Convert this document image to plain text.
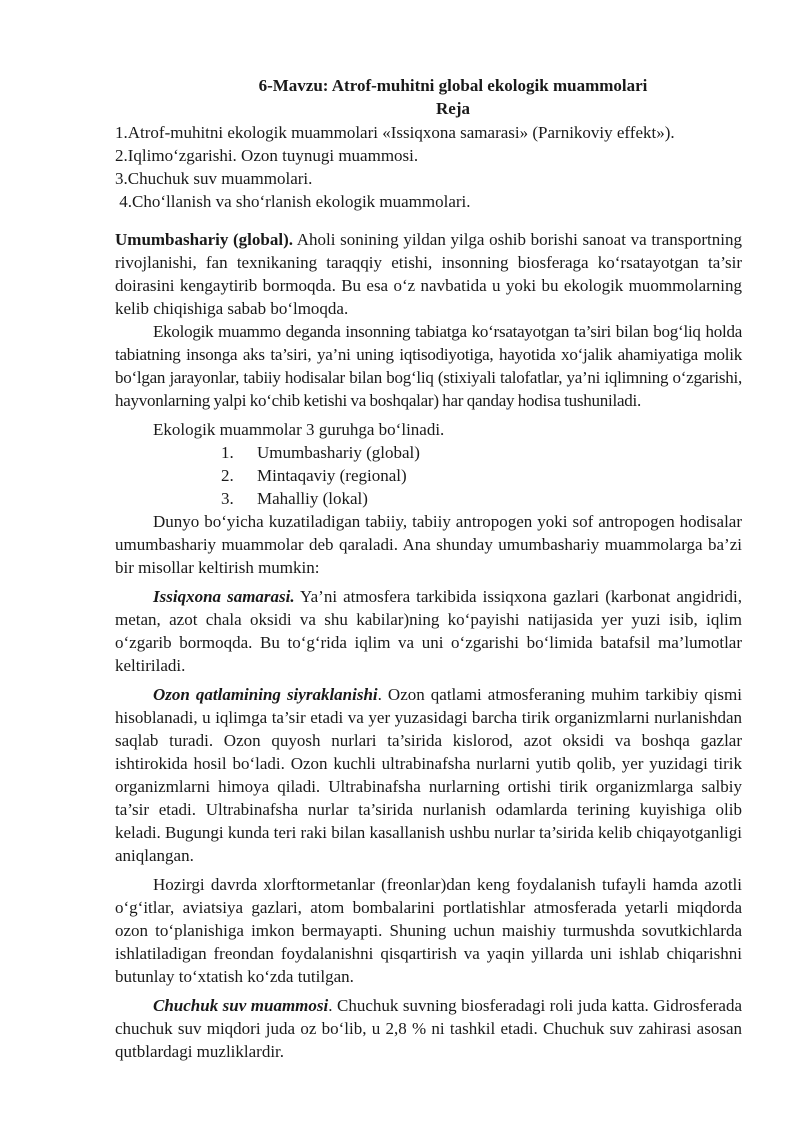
6-Mavzu: Atrof-muhitni global ekologik muammolari

Reja

1.Atrof-muhitni ekologik muammolari «Issiqxona samarasi» (Parnikoviy effekt»).
2.Iqlimo‘zgarishi. Ozon tuynugi muammosi.
3.Chuchuk suv muammolari.
4.Cho‘llanish va sho‘rlanish ekologik muammolari.

Umumbashariy (global). Aholi sonining yildan yilga oshib borishi sanoat va transportning rivojlanishi, fan texnikaning taraqqiy etishi, insonning biosferaga ko‘rsatayotgan ta’sir doirasini kengaytirib bormoqda. Bu esa o‘z navbatida u yoki bu ekologik muommolarning kelib chiqishiga sabab bo‘lmoqda.

Ekologik muammo deganda insonning tabiatga ko‘rsatayotgan ta’siri bilan bog‘liq holda tabiatning insonga aks ta’siri, ya’ni uning iqtisodiyotiga, hayotida xo‘jalik ahamiyatiga molik bo‘lgan jarayonlar, tabiiy hodisalar bilan bog‘liq (stixiyali talofatlar, ya’ni iqlimning o‘zgarishi, hayvonlarning yalpi ko‘chib ketishi va boshqalar) har qanday hodisa tushuniladi.

Ekologik muammolar 3 guruhga bo‘linadi.

1. Umumbashariy (global)
2. Mintaqaviy (regional)
3. Mahalliy (lokal)

Dunyo bo‘yicha kuzatiladigan tabiiy, tabiiy antropogen yoki sof antropogen hodisalar umumbashariy muammolar deb qaraladi. Ana shunday umumbashariy muammolarga ba’zi bir misollar keltirish mumkin:

Issiqxona samarasi. Ya’ni atmosfera tarkibida issiqxona gazlari (karbonat angidridi, metan, azot chala oksidi va shu kabilar)ning ko‘payishi natijasida yer yuzi isib, iqlim o‘zgarib bormoqda. Bu to‘g‘rida iqlim va uni o‘zgarishi bo‘limida batafsil ma’lumotlar keltiriladi.

Ozon qatlamining siyraklanishi. Ozon qatlami atmosferaning muhim tarkibiy qismi hisoblanadi, u iqlimga ta’sir etadi va yer yuzasidagi barcha tirik organizmlarni nurlanishdan saqlab turadi. Ozon quyosh nurlari ta’sirida kislorod, azot oksidi va boshqa gazlar ishtirokida hosil bo‘ladi. Ozon kuchli ultrabinafsha nurlarni yutib qolib, yer yuzidagi tirik organizmlarni himoya qiladi. Ultrabinafsha nurlarning ortishi tirik organizmlarga salbiy ta’sir etadi. Ultrabinafsha nurlar ta’sirida nurlanish odamlarda terining kuyishiga olib keladi. Bugungi kunda teri raki bilan kasallanish ushbu nurlar ta’sirida kelib chiqayotganligi aniqlangan.

Hozirgi davrda xlorftormetanlar (freonlar)dan keng foydalanish tufayli hamda azotli o‘g‘itlar, aviatsiya gazlari, atom bombalarini portlatishlar atmosferada yetarli miqdorda ozon to‘planishiga imkon bermayapti. Shuning uchun maishiy turmushda sovutkichlarda ishlatiladigan freondan foydalanishni qisqartirish va yaqin yillarda uni ishlab chiqarishni butunlay to‘xtatish ko‘zda tutilgan.

Chuchuk suv muammosi. Chuchuk suvning biosferadagi roli juda katta. Gidrosferada chuchuk suv miqdori juda oz bo‘lib, u 2,8 % ni tashkil etadi. Chuchuk suv zahirasi asosan qutblardagi muzliklardir.
